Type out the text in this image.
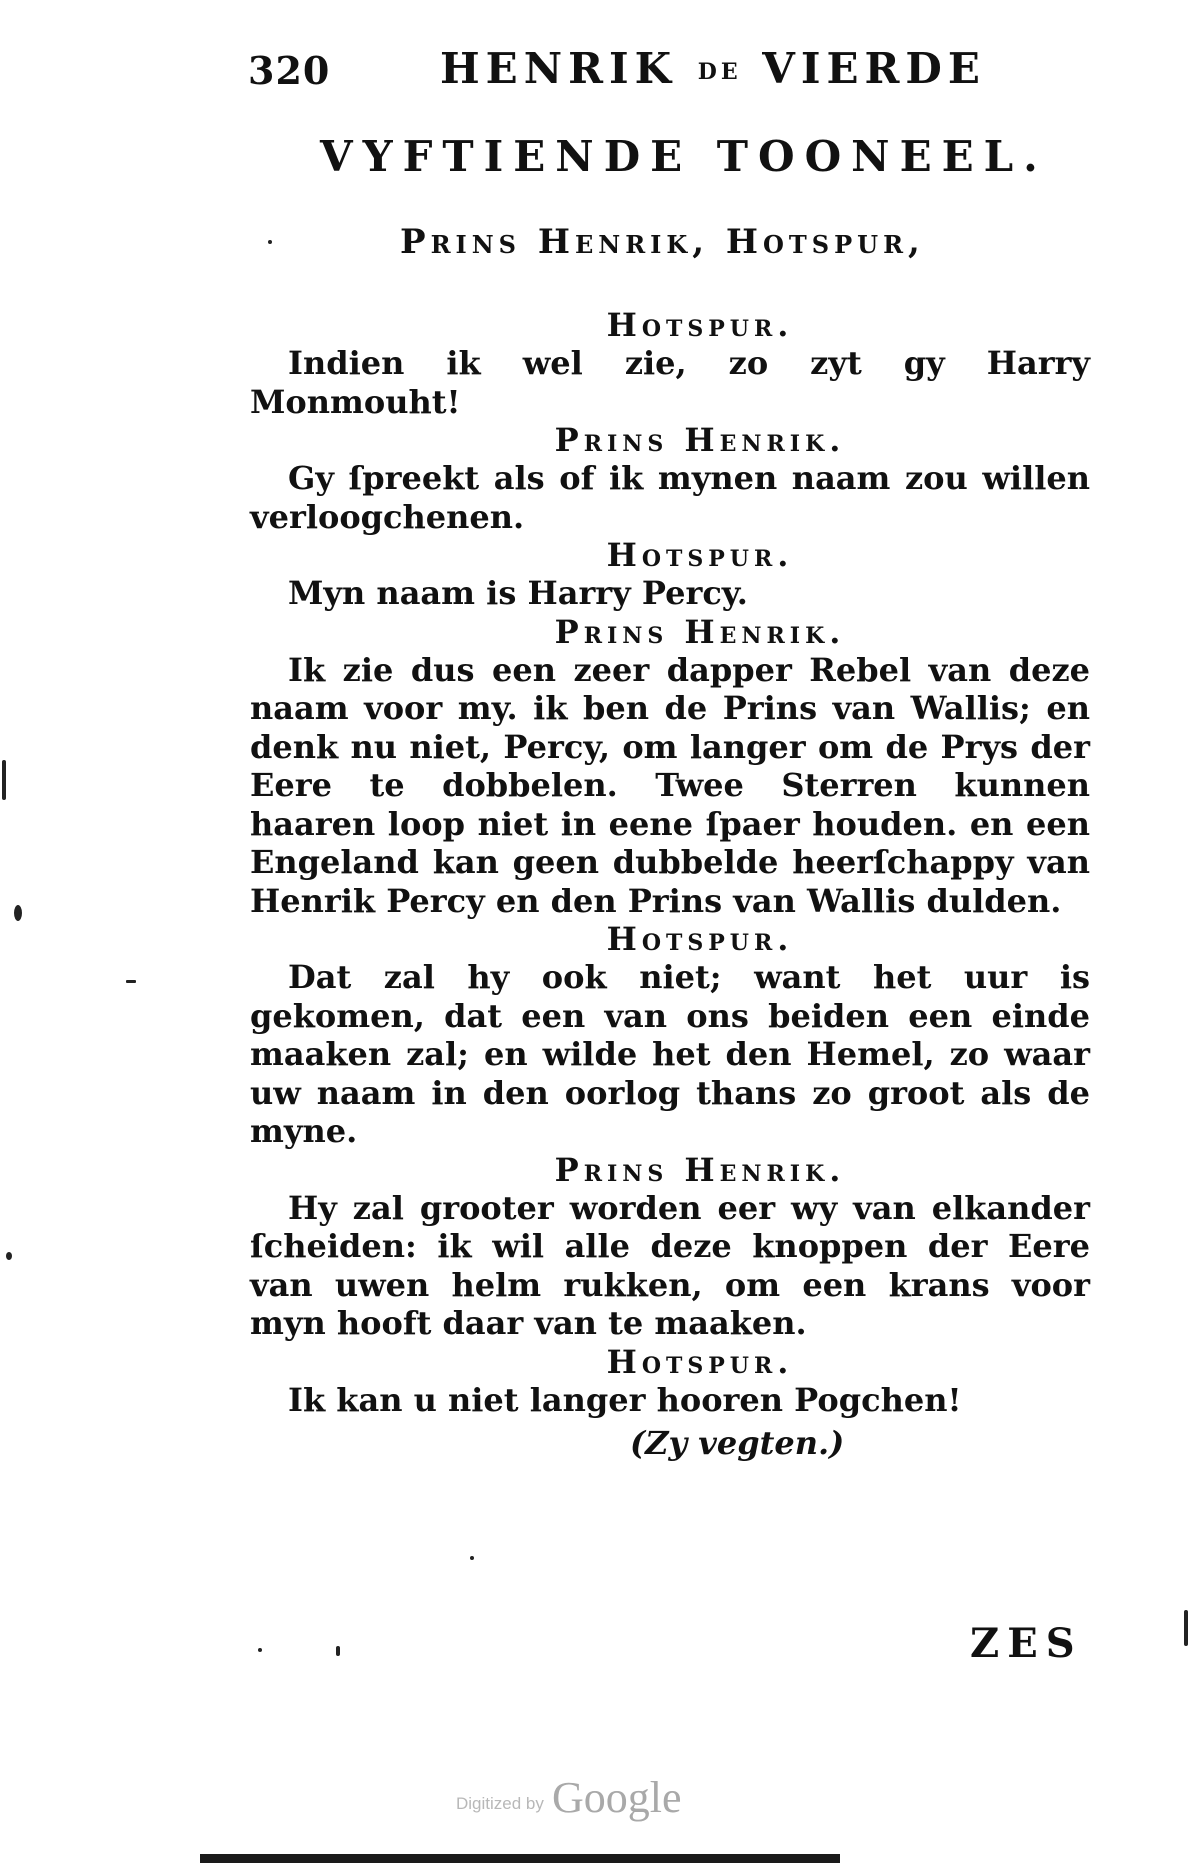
320	HENRIK DE VIERDE
VYFTIENDE TOONEEL.
Prins Henrik, Hotspur,
Hotspur.

Indien ik wel zie, zo zyt gy Harry Monmouht!

Prins Henrik.

Gy ſpreekt als of ik mynen naam zou willen verloogchenen.

Hotspur.

Myn naam is Harry Percy.

Prins Henrik.

Ik zie dus een zeer dapper Rebel van deze naam voor my. ik ben de Prins van Wallis; en denk nu niet, Percy, om langer om de Prys der Eere te dobbelen. Twee Sterren kunnen haaren loop niet in eene ſpaer houden. en een Engeland kan geen dubbelde heerſchappy van Henrik Percy en den Prins van Wallis dulden.

Hotspur.

Dat zal hy ook niet; want het uur is gekomen, dat een van ons beiden een einde maaken zal; en wilde het den Hemel, zo waar uw naam in den oorlog thans zo groot als de myne.

Prins Henrik.

Hy zal grooter worden eer wy van elkander ſcheiden: ik wil alle deze knoppen der Eere van uwen helm rukken, om een krans voor myn hooft daar van te maaken.

Hotspur.

Ik kan u niet langer hooren Pogchen!

(Zy vegten.)
ZES
Digitized by Google
